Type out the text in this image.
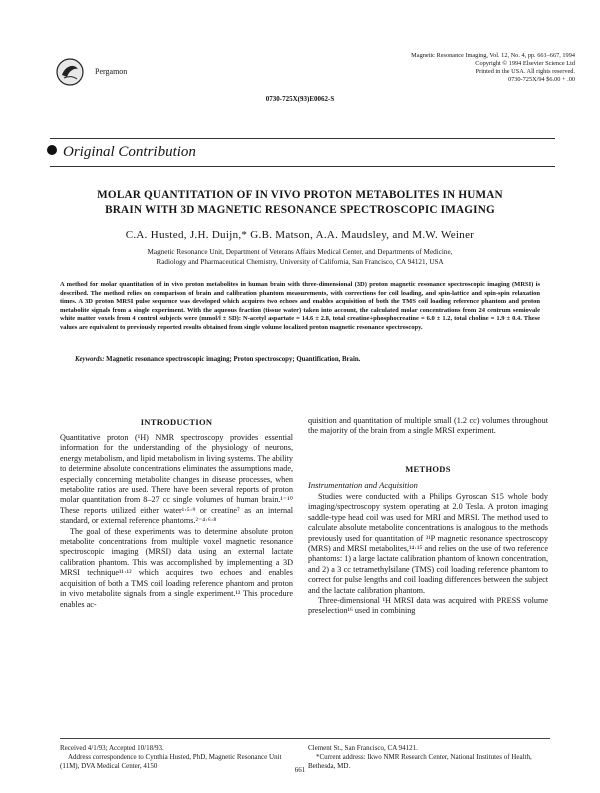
Pergamon
Magnetic Resonance Imaging, Vol. 12, No. 4, pp. 661–667, 1994
Copyright © 1994 Elsevier Science Ltd
Printed in the USA. All rights reserved.
0730-725X/94 $6.00 + .00
0730-725X(93)E0062-S
Original Contribution
MOLAR QUANTITATION OF IN VIVO PROTON METABOLITES IN HUMAN
BRAIN WITH 3D MAGNETIC RESONANCE SPECTROSCOPIC IMAGING
C.A. Husted, J.H. Duijn,* G.B. Matson, A.A. Maudsley, and M.W. Weiner
Magnetic Resonance Unit, Department of Veterans Affairs Medical Center, and Departments of Medicine,
Radiology and Pharmaceutical Chemistry, University of California, San Francisco, CA 94121, USA
A method for molar quantitation of in vivo proton metabolites in human brain with three-dimensional (3D) proton magnetic resonance spectroscopic imaging (MRSI) is described. The method relies on comparison of brain and calibration phantom measurements, with corrections for coil loading, and spin-lattice and spin-spin relaxation times. A 3D proton MRSI pulse sequence was developed which acquires two echoes and enables acquisition of both the TMS coil loading reference phantom and proton metabolite signals from a single experiment. With the aqueous fraction (tissue water) taken into account, the calculated molar concentrations from 24 centrum semiovale white matter voxels from 4 control subjects were (mmol/l ± SD): N-acetyl aspartate = 14.6 ± 2.8, total creatine+phosphocreatine = 6.0 ± 1.2, total choline = 1.9 ± 0.4. These values are equivalent to previously reported results obtained from single volume localized proton magnetic resonance spectroscopy.
Keywords: Magnetic resonance spectroscopic imaging; Proton spectroscopy; Quantification, Brain.
INTRODUCTION

Quantitative proton (¹H) NMR spectroscopy provides essential information for the understanding of the physiology of neurons, energy metabolism, and lipid metabolism in living systems. The ability to determine absolute concentrations eliminates the assumptions made, especially concerning metabolite changes in disease processes, when metabolite ratios are used. There have been several reports of proton molar quantitation from 8–27 cc single volumes of human brain.¹⁻¹⁰ These reports utilized either water¹·⁵·⁹ or creatine⁷ as an internal standard, or external reference phantoms.²⁻⁴·⁶·⁸

The goal of these experiments was to determine absolute proton metabolite concentrations from multiple voxel magnetic resonance spectroscopic imaging (MRSI) data using an external lactate calibration phantom. This was accomplished by implementing a 3D MRSI technique¹¹·¹² which acquires two echoes and enables acquisition of both a TMS coil loading reference phantom and proton in vivo metabolite signals from a single experiment.¹³ This procedure enables ac-

quisition and quantitation of multiple small (1.2 cc) volumes throughout the majority of the brain from a single MRSI experiment.

METHODS
Instrumentation and Acquisition

Studies were conducted with a Philips Gyroscan S15 whole body imaging/spectroscopy system operating at 2.0 Tesla. A proton imaging saddle-type head coil was used for MRI and MRSI. The method used to calculate absolute metabolite concentrations is analogous to the methods previously used for quantitation of ³¹P magnetic resonance spectroscopy (MRS) and MRSI metabolites,¹⁴·¹⁵ and relies on the use of two reference phantoms: 1) a large lactate calibration phantom of known concentration, and 2) a 3 cc tetramethylsilane (TMS) coil loading reference phantom to correct for pulse lengths and coil loading differences between the subject and the lactate calibration phantom.

Three-dimensional ¹H MRSI data was acquired with PRESS volume preselection¹⁶ used in combining

Received 4/1/93; Accepted 10/18/93.
Address correspondence to Cynthia Husted, PhD, Magnetic Resonance Unit (11M), DVA Medical Center, 4150
Clement St., San Francisco, CA 94121.
*Current address: Ikwo NMR Research Center, National Institutes of Health, Bethesda, MD.
661
